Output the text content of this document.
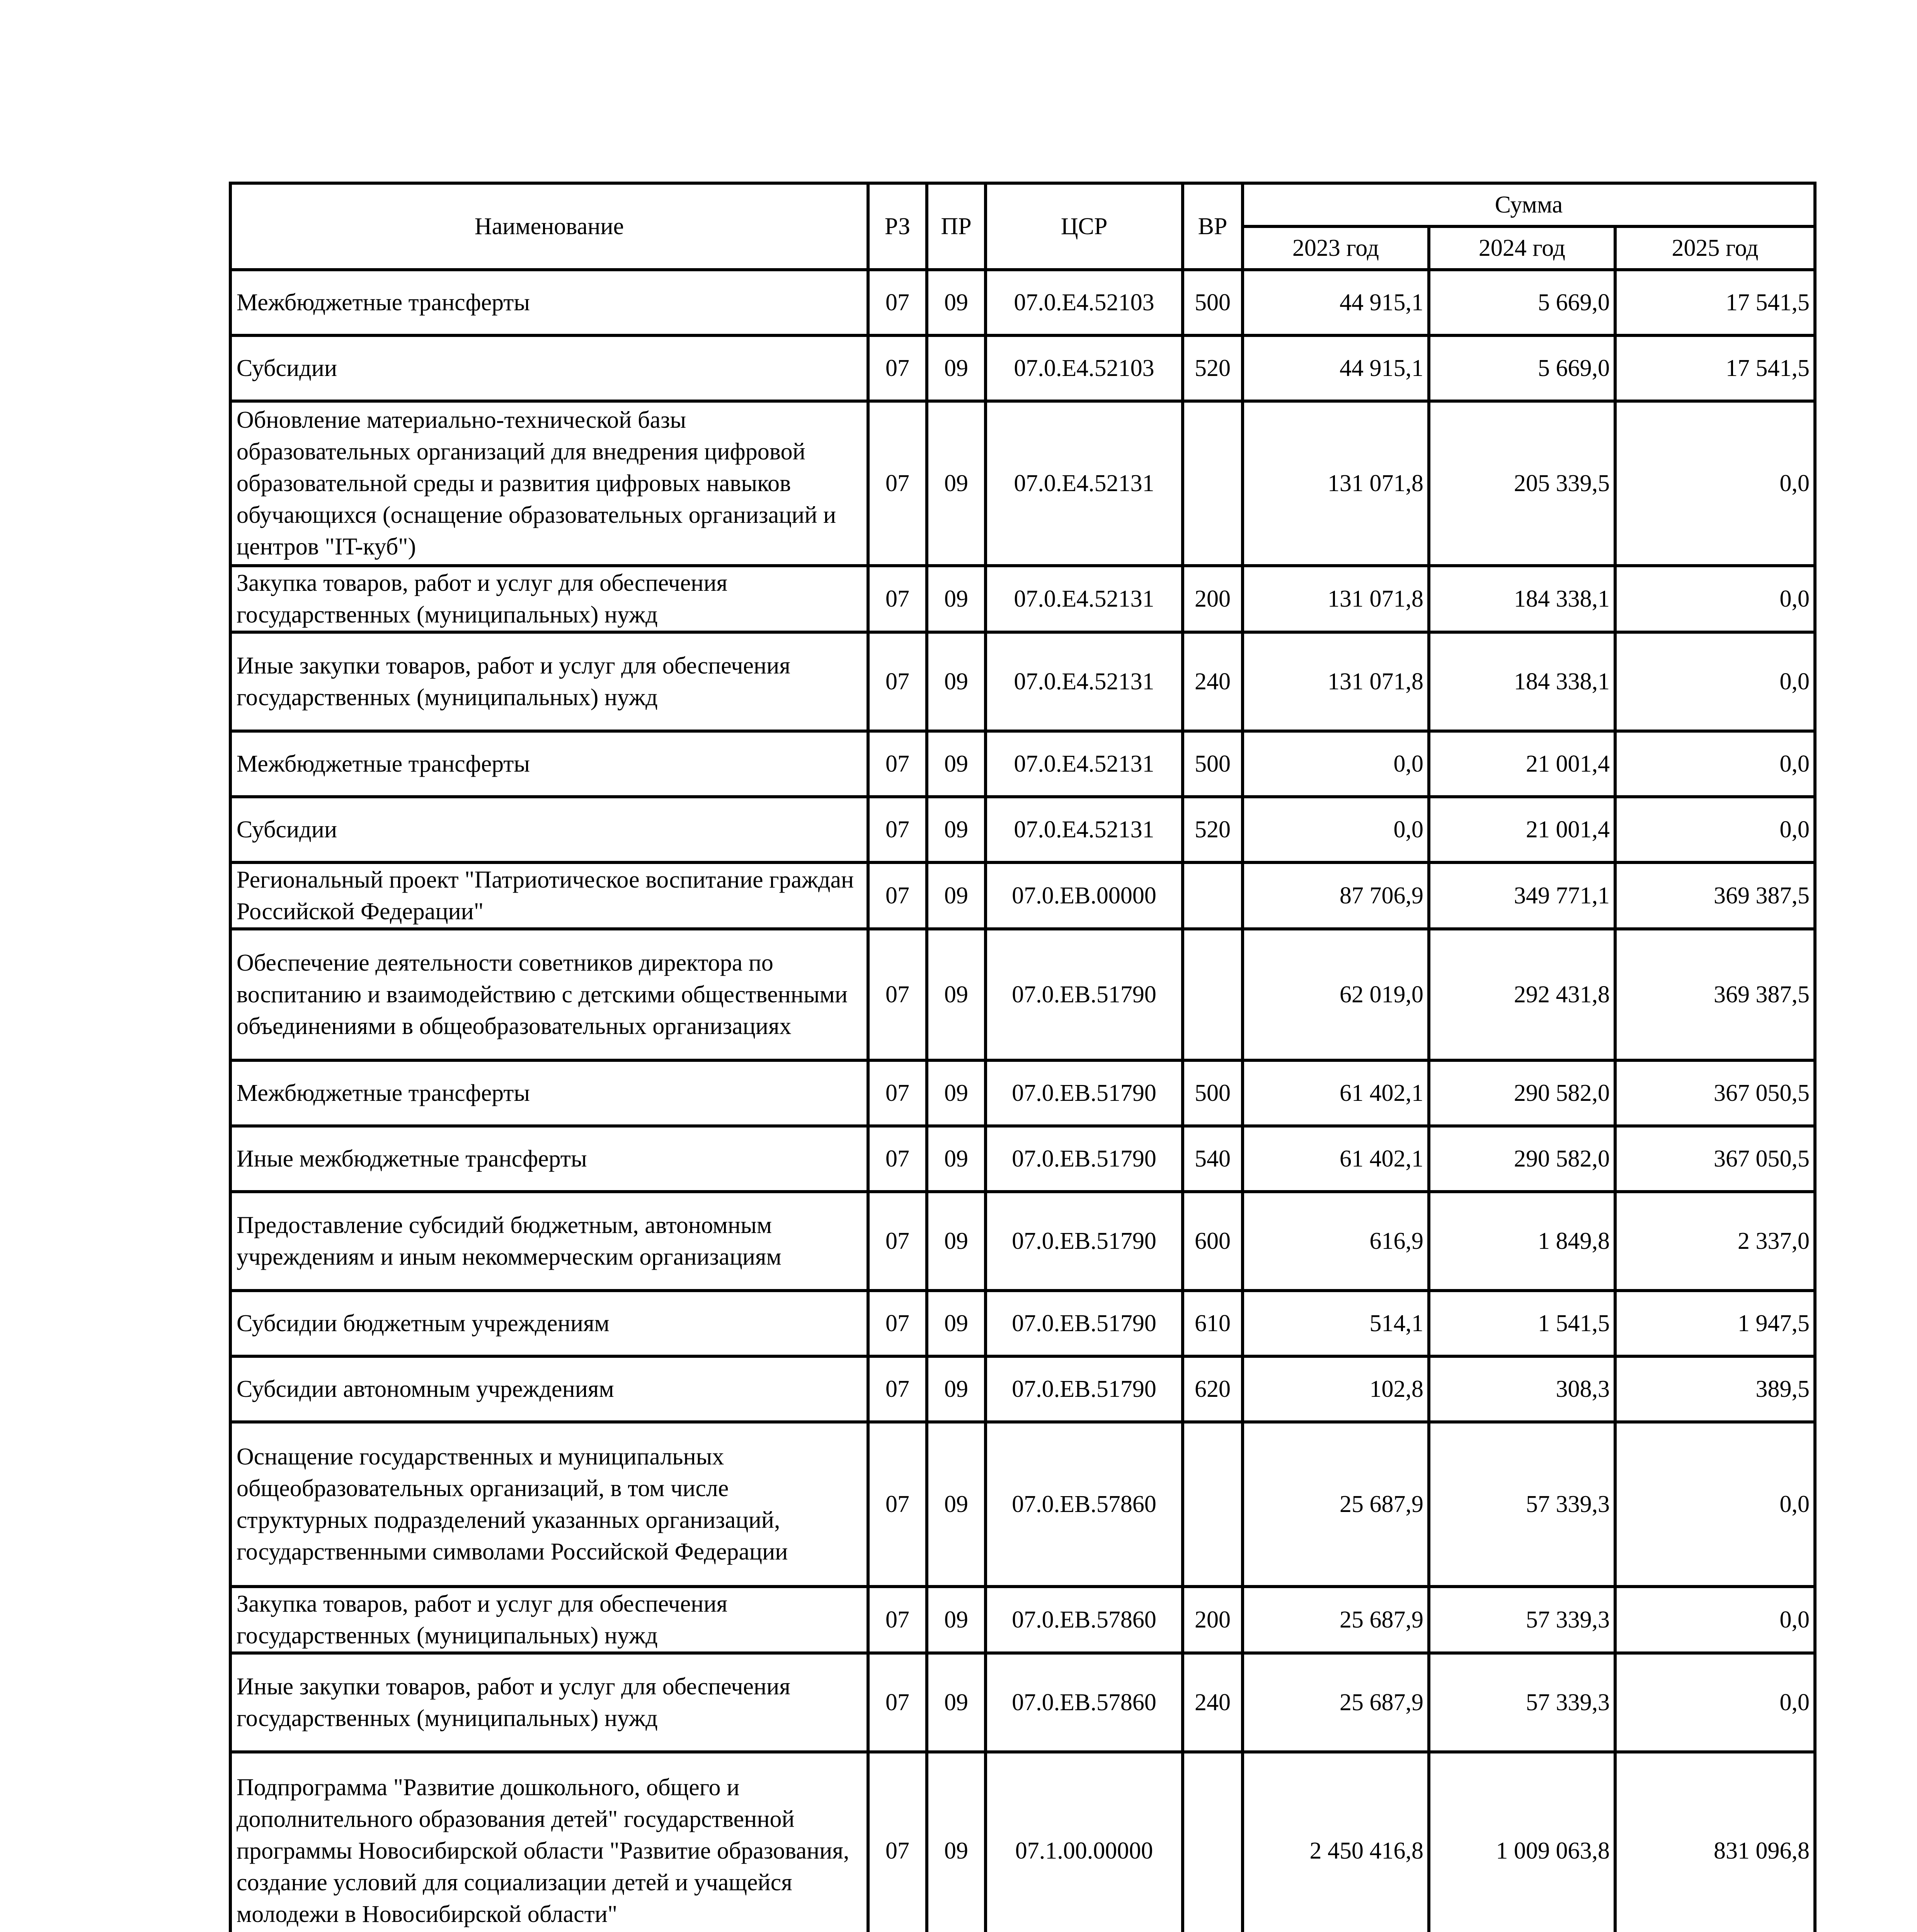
Наименование	РЗ	ПР	ЦСР	ВР	Сумма		
					2023 год	2024 год	2025 год
Межбюджетные трансферты	07	09	07.0.Е4.52103	500	44 915,1	5 669,0	17 541,5
Субсидии	07	09	07.0.Е4.52103	520	44 915,1	5 669,0	17 541,5
Обновление материально-технической базы образовательных организаций для внедрения цифровой образовательной среды и развития цифровых навыков обучающихся (оснащение образовательных организаций и центров "IT-куб")	07	09	07.0.Е4.52131		131 071,8	205 339,5	0,0
Закупка товаров, работ и услуг для обеспечения государственных (муниципальных) нужд	07	09	07.0.Е4.52131	200	131 071,8	184 338,1	0,0
Иные закупки товаров, работ и услуг для обеспечения государственных (муниципальных) нужд	07	09	07.0.Е4.52131	240	131 071,8	184 338,1	0,0
Межбюджетные трансферты	07	09	07.0.Е4.52131	500	0,0	21 001,4	0,0
Субсидии	07	09	07.0.Е4.52131	520	0,0	21 001,4	0,0
Региональный проект "Патриотическое воспитание граждан Российской Федерации"	07	09	07.0.ЕВ.00000		87 706,9	349 771,1	369 387,5
Обеспечение деятельности советников директора по воспитанию и взаимодействию с детскими общественными объединениями в общеобразовательных организациях	07	09	07.0.ЕВ.51790		62 019,0	292 431,8	369 387,5
Межбюджетные трансферты	07	09	07.0.ЕВ.51790	500	61 402,1	290 582,0	367 050,5
Иные межбюджетные трансферты	07	09	07.0.ЕВ.51790	540	61 402,1	290 582,0	367 050,5
Предоставление субсидий бюджетным, автономным учреждениям и иным некоммерческим организациям	07	09	07.0.ЕВ.51790	600	616,9	1 849,8	2 337,0
Субсидии бюджетным учреждениям	07	09	07.0.ЕВ.51790	610	514,1	1 541,5	1 947,5
Субсидии автономным учреждениям	07	09	07.0.ЕВ.51790	620	102,8	308,3	389,5
Оснащение государственных и муниципальных общеобразовательных организаций, в том числе структурных подразделений указанных организаций, государственными символами Российской Федерации	07	09	07.0.ЕВ.57860		25 687,9	57 339,3	0,0
Закупка товаров, работ и услуг для обеспечения государственных (муниципальных) нужд	07	09	07.0.ЕВ.57860	200	25 687,9	57 339,3	0,0
Иные закупки товаров, работ и услуг для обеспечения государственных (муниципальных) нужд	07	09	07.0.ЕВ.57860	240	25 687,9	57 339,3	0,0
Подпрограмма "Развитие дошкольного, общего и дополнительного образования детей" государственной программы Новосибирской области "Развитие образования, создание условий для социализации детей и учащейся молодежи в Новосибирской области"	07	09	07.1.00.00000		2 450 416,8	1 009 063,8	831 096,8
